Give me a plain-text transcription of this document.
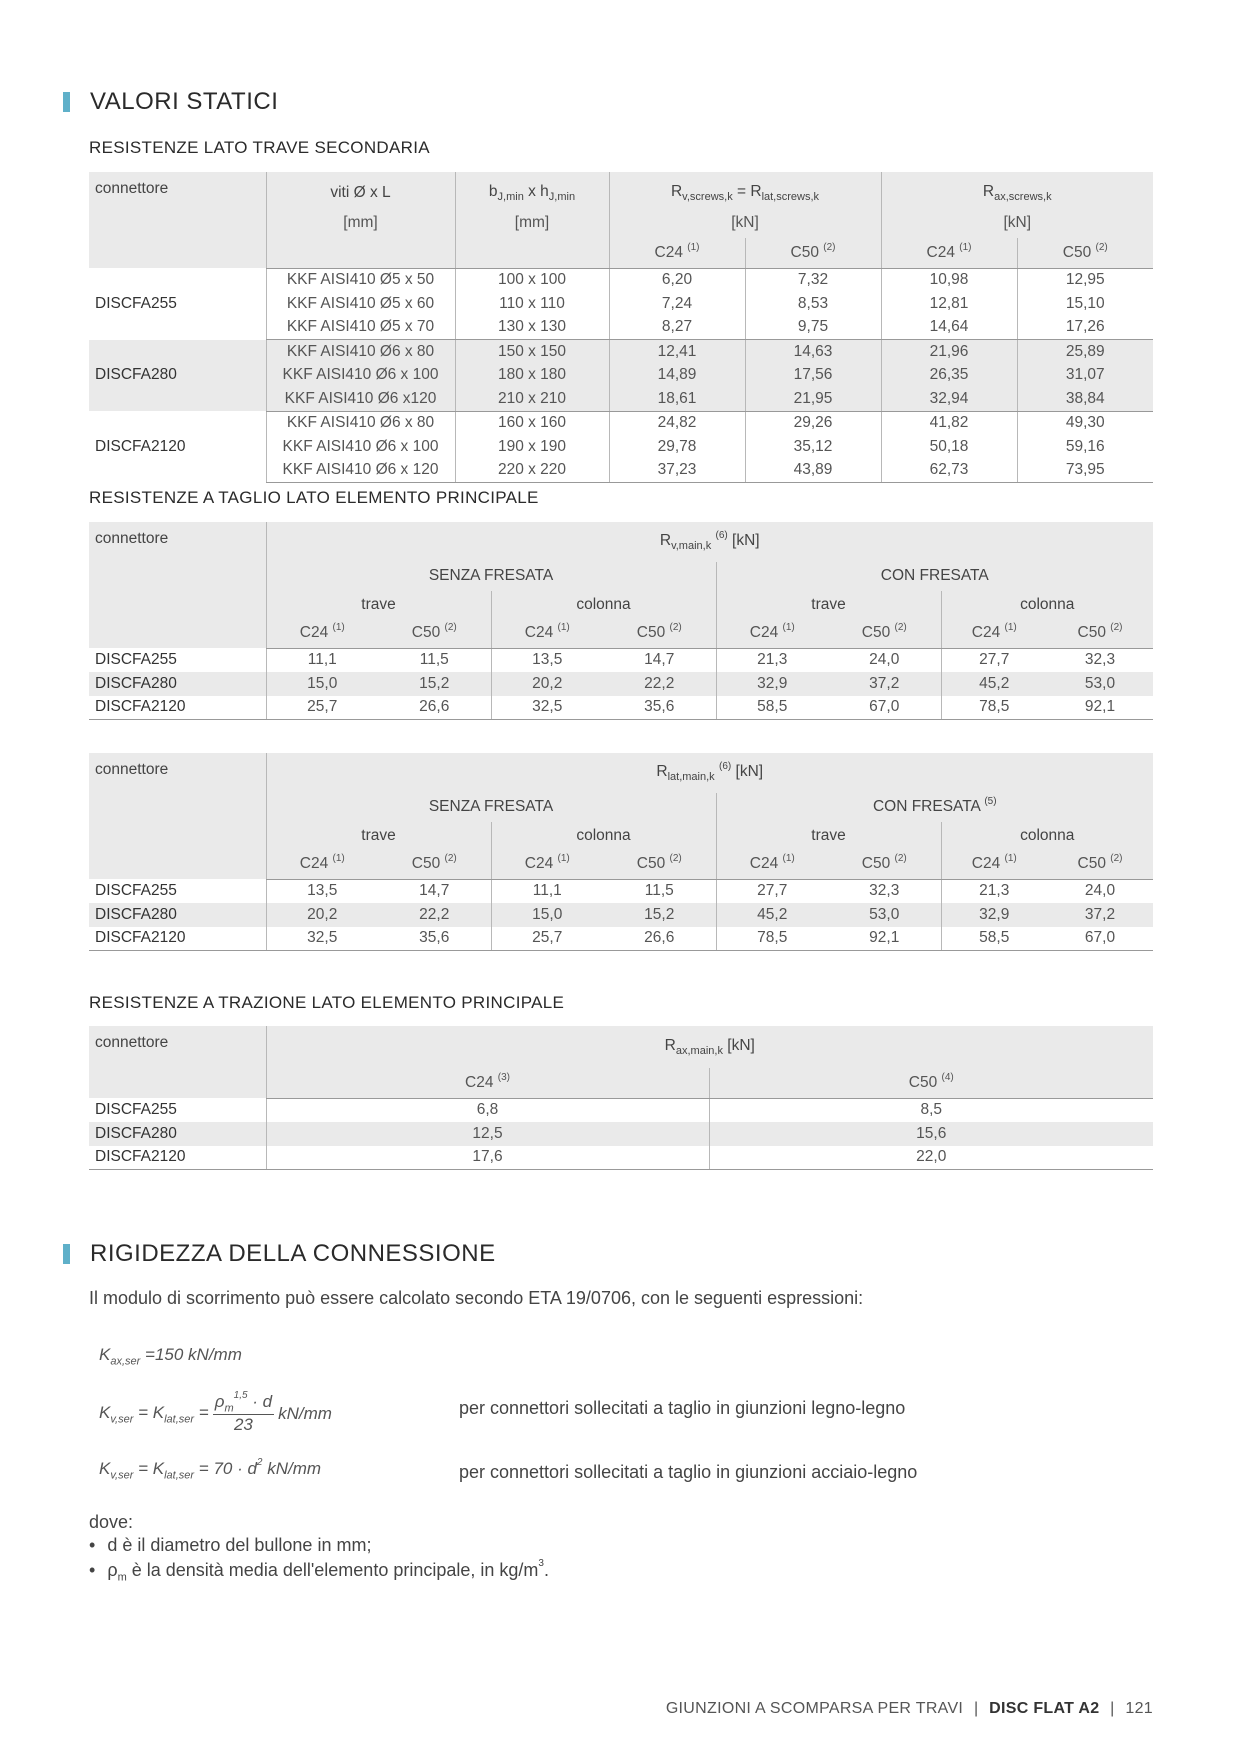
VALORI STATICI
RESISTENZE LATO TRAVE SECONDARIA
connettore	viti Ø x L	$b_{J,min}$ x $h_{J,min}$	$R_{v,screws,k} = R_{lat,screws,k}$		$R_{ax,screws,k}$
	[mm]	[mm]	[kN]		[kN]	
			C24 $^{(1)}$	C50 $^{(2)}$	C24 $^{(1)}$	C50 $^{(2)}$
DISCFA255	KKF AISI410 Ø5 x 50	100 x 100	6,20	7,32	10,98	12,95
	KKF AISI410 Ø5 x 60	110 x 110	7,24	8,53	12,81	15,10
	KKF AISI410 Ø5 x 70	130 x 130	8,27	9,75	14,64	17,26
DISCFA280	KKF AISI410 Ø6 x 80	150 x 150	12,41	14,63	21,96	25,89
	KKF AISI410 Ø6 x 100	180 x 180	14,89	17,56	26,35	31,07
	KKF AISI410 Ø6 x120	210 x 210	18,61	21,95	32,94	38,84
DISCFA2120	KKF AISI410 Ø6 x 80	160 x 160	24,82	29,26	41,82	49,30
	KKF AISI410 Ø6 x 100	190 x 190	29,78	35,12	50,18	59,16
	KKF AISI410 Ø6 x 120	220 x 220	37,23	43,89	62,73	73,95
RESISTENZE A TAGLIO LATO ELEMENTO PRINCIPALE
connettore	$R_{v,main,k}$ $^{(6)}$ [kN]							
	SENZA FRESATA				CON FRESATA			
	trave		colonna		trave		colonna	
	C24 $^{(1)}$	C50 $^{(2)}$	C24 $^{(1)}$	C50 $^{(2)}$	C24 $^{(1)}$	C50 $^{(2)}$	C24 $^{(1)}$	C50 $^{(2)}$
DISCFA255	11,1	11,5	13,5	14,7	21,3	24,0	27,7	32,3
DISCFA280	15,0	15,2	20,2	22,2	32,9	37,2	45,2	53,0
DISCFA2120	25,7	26,6	32,5	35,6	58,5	67,0	78,5	92,1
connettore	$R_{lat,main,k}$ $^{(6)}$ [kN]							
	SENZA FRESATA				CON FRESATA $^{(5)}$
	trave		colonna		trave		colonna	
	C24 $^{(1)}$	C50 $^{(2)}$	C24 $^{(1)}$	C50 $^{(2)}$	C24 $^{(1)}$	C50 $^{(2)}$	C24 $^{(1)}$	C50 $^{(2)}$
DISCFA255	13,5	14,7	11,1	11,5	27,7	32,3	21,3	24,0
DISCFA280	20,2	22,2	15,0	15,2	45,2	53,0	32,9	37,2
DISCFA2120	32,5	35,6	25,7	26,6	78,5	92,1	58,5	67,0
RESISTENZE A TRAZIONE LATO ELEMENTO PRINCIPALE
connettore	$R_{ax,main,k}$ [kN]	
	C24 $^{(3)}$	C50 $^{(4)}$
DISCFA255	6,8	8,5
DISCFA280	12,5	15,6
DISCFA2120	17,6	22,0
RIGIDEZZA DELLA CONNESSIONE
Il modulo di scorrimento può essere calcolato secondo ETA 19/0706, con le seguenti espressioni:
$K_{ax,ser} =150$ kN/mm
$K_{v,ser} = K_{lat,ser} = \frac{\rho_m^{1,5} \cdot d}{23} kN/mm$	per connettori sollecitati a taglio in giunzioni legno-legno
$K_{v,ser} = K_{lat,ser} = 70 \cdot d^2$ kN/mm	per connettori sollecitati a taglio in giunzioni acciaio-legno
dove:
• d è il diametro del bullone in mm;
• $\rho_m$ è la densità media dell'elemento principale, in $kg/m^3$.
GIUNZIONI A SCOMPARSA PER TRAVI | DISC FLAT A2 | 121
